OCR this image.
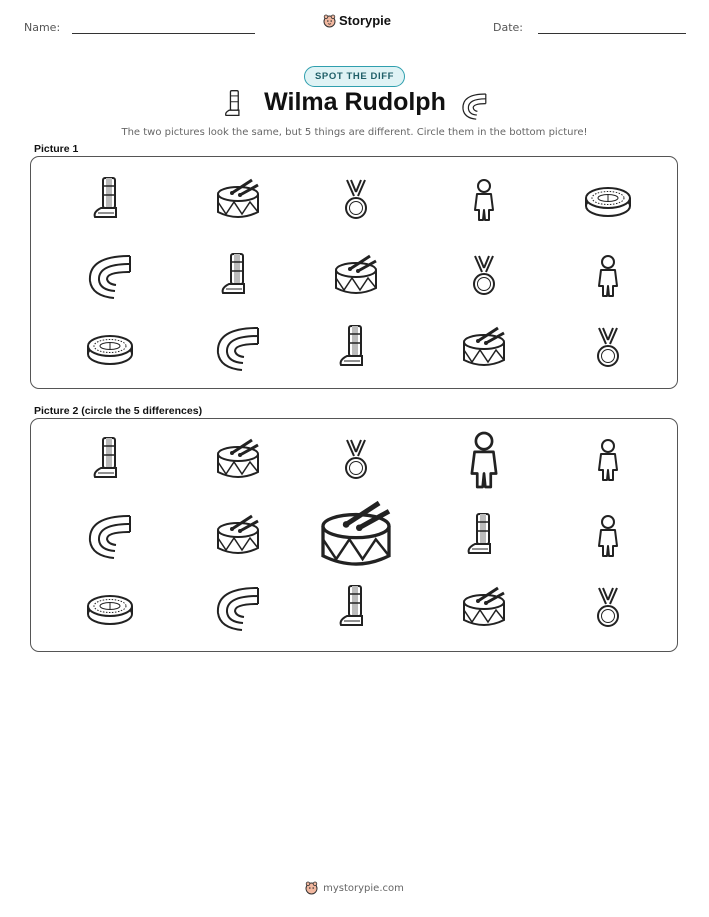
Name:	Storypie	Date:
SPOT THE DIFF
Wilma Rudolph
The two pictures look the same, but 5 things are different. Circle them in the bottom picture!
Picture 1
Picture 2 (circle the 5 differences)
mystorypie.com
